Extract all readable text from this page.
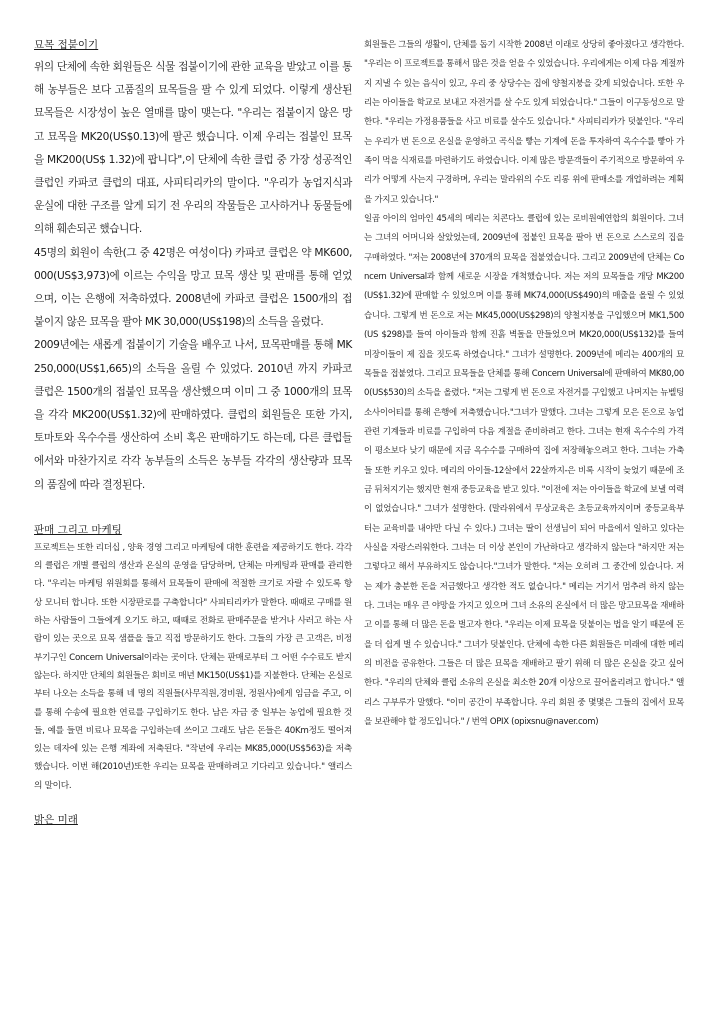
묘목 접붙이기

위의 단체에 속한 회원들은 식물 접붙이기에 관한 교육을 받았고 이를 통해 농부들은 보다 고품질의 묘목들을 팔 수 있게 되었다. 이렇게 생산된 묘목들은 시장성이 높은 열매를 많이 맺는다. "우리는 접붙이지 않은 망고 묘목을 MK20(US$0.13)에 팔곤 했습니다. 이제 우리는 접붙인 묘목을 MK200(US$ 1.32)에 팝니다",이 단체에 속한 클럽 중 가장 성공적인 클럽인 카파코 클럽의 대표, 사피티리카의 말이다. "우리가 농업지식과 운실에 대한 구조를 알게 되기 전 우리의 작물들은 고사하거나 동물들에 의해 훼손되곤 했습니다.

45명의 회원이 속한(그 중 42명은 여성이다) 카파코 클럽은 약 MK600,000(US$3,973)에 이르는 수익을 망고 묘목 생산 및 판매를 통해 얻었으며, 이는 은행에 저축하였다. 2008년에 카파코 클럽은 1500개의 접붙이지 않은 묘목을 팔아 MK 30,000(US$198)의 소득을 올렸다.

2009년에는 새롭게 접붙이기 기술을 배우고 나서, 묘목판매를 통해 MK250,000(US$1,665)의 소득을 올릴 수 있었다. 2010년 까지 카파코 클럽은 1500개의 접붙인 묘목을 생산했으며 이미 그 중 1000개의 묘목을 각각 MK200(US$1.32)에 판매하였다. 클럽의 회원들은 또한 가지, 토마토와 옥수수를 생산하여 소비 혹은 판매하기도 하는데, 다른 클럽들에서와 마찬가지로 각각 농부들의 소득은 농부들 각각의 생산량과 묘목의 품질에 따라 결정된다.

판매 그리고 마케팅

프로젝트는 또한 리더십 , 양육 경영 그리고 마케팅에 대한 훈련을 제공하기도 한다. 각각의 클럽은 개별 클럽의 생산과 온실의 운영을 담당하며, 단체는 마케팅과 판매를 관리한다. "우리는 마케팅 위원회를 통해서 묘목들이 판매에 적절한 크기로 자랄 수 있도록 항상 모니터 합니다. 또한 시장판로를 구축합니다" 사피티리카가 말한다. 때때로 구매를 원하는 사람들이 그들에게 오기도 하고, 때때로 전화로 판매주문을 받거나 사러고 하는 사람이 있는 곳으로 묘목 샘플을 들고 직접 방문하기도 한다. 그들의 가장 큰 고객은, 비정부기구인 Concern Universal이라는 곳이다. 단체는 판매로부터 그 어떤 수수료도 받지 않는다. 하지만 단체의 회원들은 회비로 매년 MK150(US$1)를 지불한다. 단체는 온실로부터 나오는 소득을 통해 네 명의 직원들(사무직원,경비원, 정원사)에게 임금을 주고, 이를 통해 수송에 필요한 연료를 구입하기도 한다. 남은 자금 중 일부는 농업에 필요한 것들, 예를 들면 비료나 묘목을 구입하는데 쓰이고 그래도 남은 돈들은 40Km정도 떨어져 있는 데자에 있는 은행 계좌에 저축된다. "작년에 우리는 MK85,000(US$563)을 저축했습니다. 이번 해(2010년)또한 우리는 묘목을 판매하려고 기다리고 있습니다." 앨리스의 말이다.

밝은 미래

회원들은 그들의 생활이, 단체를 돕기 시작한 2008년 이래로 상당히 좋아졌다고 생각한다. "우리는 이 프로젝트를 통해서 많은 것을 얻을 수 있었습니다. 우리에게는 이제 다음 계절까지 지낼 수 있는 음식이 있고, 우리 중 상당수는 집에 양철지붕을 갖게 되었습니다. 또한 우리는 아이들을 학교로 보내고 자전거를 살 수도 있게 되었습니다." 그들이 이구동성으로 말한다. "우리는 가정용품들을 사고 비료를 살수도 있습니다." 사피티리카가 덧붙인다. "우리는 우리가 번 돈으로 온실을 운영하고 곡식을 빻는 기계에 돈을 투자하여 옥수수를 빻아 가족이 먹을 식재료를 마련하기도 하였습니다. 이제 많은 방문객들이 주기적으로 방문하여 우리가 어떻게 사는지 구경하며, 우리는 말라위의 수도 리롱 위에 판매소를 개업하려는 계획을 가지고 있습니다."

일곱 아이의 엄마인 45세의 메리는 치콘다노 클럽에 있는 로비원예연합의 회원이다. 그녀는 그녀의 어머니와 살았었는데, 2009년에 접붙인 묘목을 팔아 번 돈으로 스스로의 집을 구매하였다. "저는 2008년에 370개의 묘목을 접붙였습니다. 그리고 2009년에 단체는 Concern Universal과 함께 새로운 시장을 개척했습니다. 저는 저의 묘목들을 개당 MK200(US$1.32)에 판매할 수 있었으며 이를 통해 MK74,000(US$490)의 매출을 올릴 수 있었습니다. 그렇게 번 돈으로 저는 MK45,000(US$298)의 양철지붕을 구입했으며 MK1,500(US $298)를 들여 아이들과 함께 진흙 벽돌을 만들었으며 MK20,000(US$132)를 들여 미장이들이 제 집을 짓도록 하였습니다." 그녀가 설명한다. 2009년에 메리는 400개의 묘목들을 접붙였다. 그리고 묘목들을 단체를 통해 Concern Universal에 판매하여 MK80,000(US$530)의 소득을 올렸다. "저는 그렇게 번 돈으로 자전거를 구입했고 나머지는 뉴벨팅 소사이어티를 통해 은행에 저축했습니다."그녀가 말했다. 그녀는 그렇게 모은 돈으로 농업관련 기계들과 비료를 구입하여 다음 계절을 준비하려고 한다. 그녀는 현재 옥수수의 가격이 평소보다 낮기 때문에 지금 옥수수를 구매하여 집에 저장해놓으려고 한다. 그녀는 가축들 또한 키우고 있다. 메리의 아이들-12살에서 22살까지-은 비록 시작이 늦었기 때문에 조금 뒤처지기는 했지만 현재 중등교육을 받고 있다. "이전에 저는 아이들을 학교에 보낼 여력이 없었습니다." 그녀가 설명한다. (말라위에서 무상교육은 초등교육까지이며 중등교육부터는 교육비를 내야만 다닐 수 있다.) 그녀는 딸이 선생님이 되어 마을에서 일하고 있다는 사실을 자랑스러워한다. 그녀는 더 이상 본인이 가난하다고 생각하지 않는다 "하지만 저는 그렇다고 해서 부유하지도 않습니다."그녀가 말한다. "저는 오히려 그 중간에 있습니다. 저는 제가 충분한 돈을 저금했다고 생각한 적도 없습니다." 메리는 거기서 멈추려 하지 않는다. 그녀는 매우 큰 야망을 가지고 있으며 그녀 소유의 온실에서 더 많은 망고묘목을 재배하고 이를 통해 더 많은 돈을 벌고자 한다. "우리는 이제 묘목을 덧붙이는 법을 알기 때문에 돈을 더 쉽게 벌 수 있습니다." 그녀가 덧붙인다. 단체에 속한 다른 회원들은 미래에 대한 메리의 비전을 공유한다. 그들은 더 많은 묘목을 재배하고 팔기 위해 더 많은 온실을 갖고 싶어 한다. "우리의 단체와 클럽 소유의 온실을 최소한 20개 이상으로 끌어올리려고 합니다." 앨리스 구부루가 말했다. "이미 공간이 부족합니다. 우리 회원 중 몇몇은 그들의 집에서 묘목을 보관해야 할 정도입니다." / 번역 OPIX (opixsnu@naver.com)
